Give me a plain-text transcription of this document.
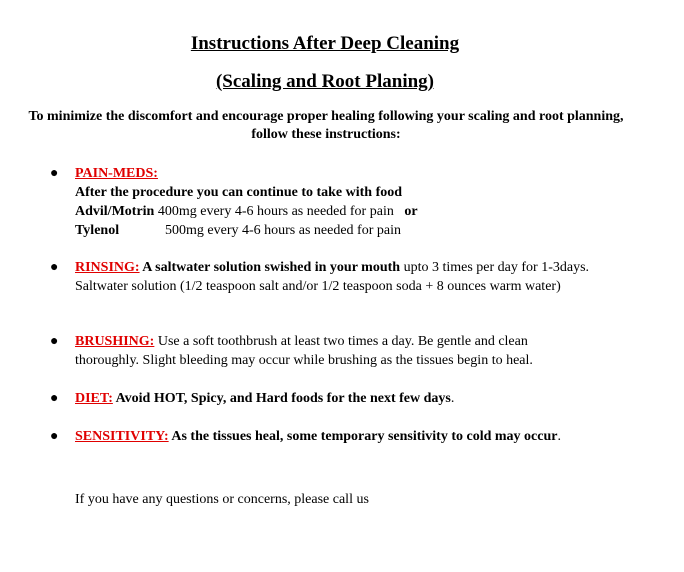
Instructions After Deep Cleaning
(Scaling and Root Planing)
To minimize the discomfort and encourage proper healing following your scaling and root planning, follow these instructions:
● PAIN-MEDS:
After the procedure you can continue to take with food
Advil/Motrin 400mg every 4-6 hours as needed for pain or
Tylenol	500mg every 4-6 hours as needed for pain
● RINSING: A saltwater solution swished in your mouth upto 3 times per day for 1-3days.
Saltwater solution (1/2 teaspoon salt and/or 1/2 teaspoon soda + 8 ounces warm water)
● BRUSHING: Use a soft toothbrush at least two times a day. Be gentle and clean thoroughly. Slight bleeding may occur while brushing as the tissues begin to heal.
● DIET: Avoid HOT, Spicy, and Hard foods for the next few days.
● SENSITIVITY: As the tissues heal, some temporary sensitivity to cold may occur.
If you have any questions or concerns, please call us
